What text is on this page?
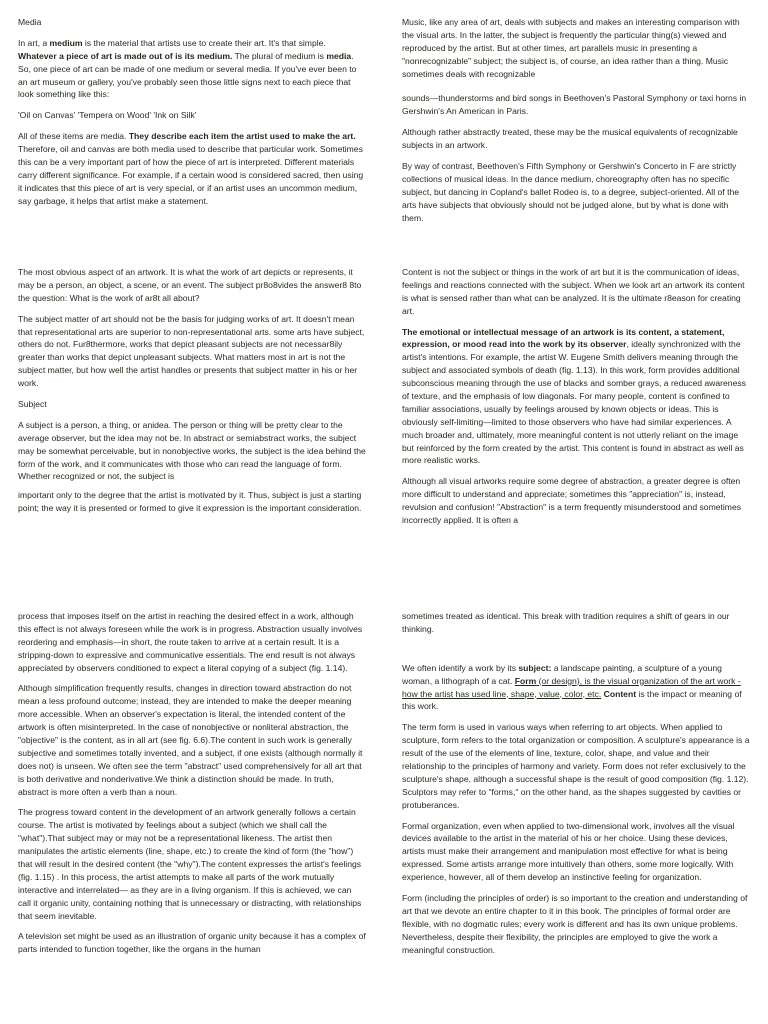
Media

In art, a medium is the material that artists use to create their art. It's that simple. Whatever a piece of art is made out of is its medium. The plural of medium is media. So, one piece of art can be made of one medium or several media. If you've ever been to an art museum or gallery, you've probably seen those little signs next to each piece that look something like this:

'Oil on Canvas' 'Tempera on Wood' 'Ink on Silk'

All of these items are media. They describe each item the artist used to make the art. Therefore, oil and canvas are both media used to describe that particular work. Sometimes this can be a very important part of how the piece of art is interpreted. Different materials carry different significance. For example, if a certain wood is considered sacred, then using it indicates that this piece of art is very special, or if an artist uses an uncommon medium, say garbage, it helps that artist make a statement.

Music, like any area of art, deals with subjects and makes an interesting comparison with the visual arts. In the latter, the subject is frequently the particular thing(s) viewed and reproduced by the artist. But at other times, art parallels music in presenting a "nonrecognizable" subject; the subject is, of course, an idea rather than a thing. Music sometimes deals with recognizable

sounds—thunderstorms and bird songs in Beethoven's Pastoral Symphony or taxi horns in Gershwin's An American in Paris.

Although rather abstractly treated, these may be the musical equivalents of recognizable subjects in an artwork.

By way of contrast, Beethoven's Fifth Symphony or Gershwin's Concerto in F are strictly collections of musical ideas. In the dance medium, choreography often has no specific subject, but dancing in Copland's ballet Rodeo is, to a degree, subject-oriented. All of the arts have subjects that obviously should not be judged alone, but by what is done with them.

The most obvious aspect of an artwork. It is what the work of art depicts or represents, it may be a person, an object, a scene, or an event. The subject pr8o8vides the answer8 8to the question: What is the work of ar8t all about?

The subject matter of art should not be the basis for judging works of art. It doesn't mean that representational arts are superior to non-representational arts. some arts have subject, others do not. Fur8thermore, works that depict pleasant subjects are not necessar8ily greater than works that depict unpleasant subjects. What matters most in art is not the subject matter, but how well the artist handles or presents that subject matter in his or her work.

Subject

A subject is a person, a thing, or anidea. The person or thing will be pretty clear to the average observer, but the idea may not be. In abstract or semiabstract works, the subject may be somewhat perceivable, but in nonobjective works, the subject is the idea behind the form of the work, and it communicates with those who can read the language of form. Whether recognized or not, the subject is

important only to the degree that the artist is motivated by it. Thus, subject is just a starting point; the way it is presented or formed to give it expression is the important consideration.

Content is not the subject or things in the work of art but it is the communication of ideas, feelings and reactions connected with the subject. When we look art an artwork its content is what is sensed rather than what can be analyzed. It is the ultimate r8eason for creating art.

The emotional or intellectual message of an artwork is its content, a statement, expression, or mood read into the work by its observer, ideally synchronized with the artist's intentions. For example, the artist W. Eugene Smith delivers meaning through the subject and associated symbols of death (fig. 1.13). In this work, form provides additional subconscious meaning through the use of blacks and somber grays, a reduced awareness of texture, and the emphasis of low diagonals. For many people, content is confined to familiar associations, usually by feelings aroused by known objects or ideas. This is obviously self-limiting—limited to those observers who have had similar experiences. A much broader and, ultimately, more meaningful content is not utterly reliant on the image but reinforced by the form created by the artist. This content is found in abstract as well as more realistic works.

Although all visual artworks require some degree of abstraction, a greater degree is often more difficult to understand and appreciate; sometimes this "appreciation" is, instead, revulsion and confusion! "Abstraction" is a term frequently misunderstood and sometimes incorrectly applied. It is often a

process that imposes itself on the artist in reaching the desired effect in a work, although this effect is not always foreseen while the work is in progress. Abstraction usually involves reordering and emphasis—in short, the route taken to arrive at a certain result. It is a stripping-down to expressive and communicative essentials. The end result is not always appreciated by observers conditioned to expect a literal copying of a subject (fig. 1.14).

Although simplification frequently results, changes in direction toward abstraction do not mean a less profound outcome; instead, they are intended to make the deeper meaning more accessible. When an observer's expectation is literal, the intended content of the artwork is often misinterpreted. In the case of nonobjective or nonliteral abstraction, the "objective" is the content, as in all art (see fig. 6.6).The content in such work is generally subjective and sometimes totally invented, and a subject, if one exists (although normally it does not) is unseen. We often see the term "abstract" used comprehensively for all art that is both derivative and nonderivative.We think a distinction should be made. In truth, abstract is more often a verb than a noun.

The progress toward content in the development of an artwork generally follows a certain course. The artist is motivated by feelings about a subject (which we shall call the "what").That subject may or may not be a representational likeness. The artist then manipulates the artistic elements (line, shape, etc.) to create the kind of form (the "how") that will result in the desired content (the "why").The content expresses the artist's feelings (fig. 1.15) . In this process, the artist attempts to make all parts of the work mutually interactive and interrelated— as they are in a living organism. If this is achieved, we can call it organic unity, containing nothing that is unnecessary or distracting, with relationships that seem inevitable.

A television set might be used as an illustration of organic unity because it has a complex of parts intended to function together, like the organs in the human

sometimes treated as identical. This break with tradition requires a shift of gears in our thinking.

We often identify a work by its subject: a landscape painting, a sculpture of a young woman, a lithograph of a cat. Form (or design), is the visual organization of the art work -how the artist has used line, shape, value, color, etc. Content is the impact or meaning of this work.

The term form is used in various ways when referring to art objects. When applied to sculpture, form refers to the total organization or composition. A sculpture's appearance is a result of the use of the elements of line, texture, color, shape, and value and their relationship to the principles of harmony and variety. Form does not refer exclusively to the sculpture's shape, although a successful shape is the result of good composition (fig. 1.12). Sculptors may refer to "forms," on the other hand, as the shapes suggested by cavities or protuberances.

Formal organization, even when applied to two-dimensional work, involves all the visual devices available to the artist in the material of his or her choice. Using these devices, artists must make their arrangement and manipulation most effective for what is being expressed. Some artists arrange more intuitively than others, some more logically. With experience, however, all of them develop an instinctive feeling for organization.

Form (including the principles of order) is so important to the creation and understanding of art that we devote an entire chapter to it in this book. The principles of formal order are flexible, with no dogmatic rules; every work is different and has its own unique problems. Nevertheless, despite their flexibility, the principles are employed to give the work a meaningful construction.
